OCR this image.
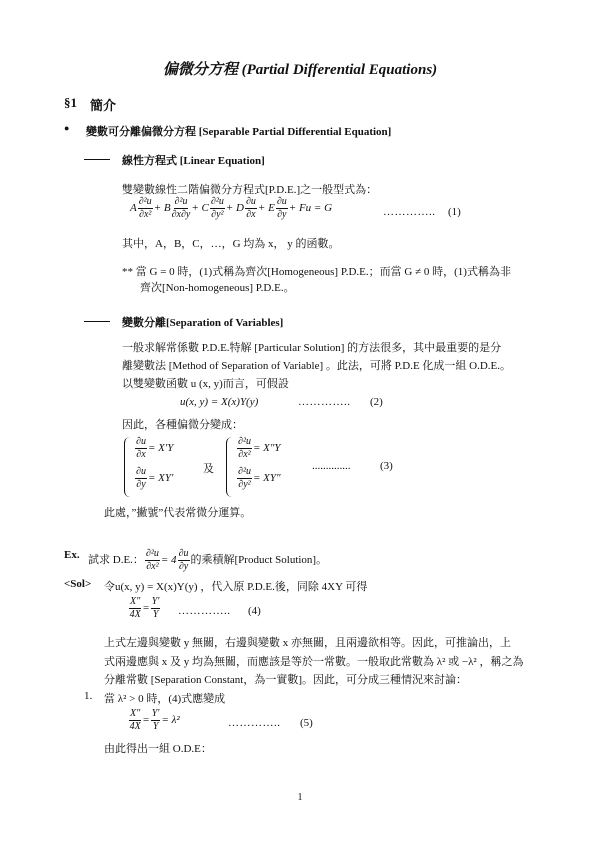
偏微分方程 (Partial Differential Equations)
§1 簡介
● 變數可分離偏微分方程 [Separable Partial Differential Equation]
線性方程式 [Linear Equation]
雙變數線性二階偏微分方程式[P.D.E.]之一般型式為：
A $\frac{\text{∂²u}}{\text{∂x²}} + B \frac{\text{∂²u}}{\partial x\partial y} + C \frac{\text{∂²u}}{\text{∂y²}} + D \frac{\partial u}{\partial x} + E \frac{\partial u}{\partial y} + Fu = G$	………….. (1)
其中，A，B，C，…，G 均為 x， y 的函數。
** 當 G = 0 時，(1)式稱為齊次[Homogeneous] P.D.E.；而當 G ≠ 0 時，(1)式稱為非
齊次[Non-homogeneous] P.D.E.。
變數分離[Separation of Variables]
一般求解常係數 P.D.E.特解 [Particular Solution] 的方法很多，其中最重要的是分
離變數法 [Method of Separation of Variable] 。此法，可將 P.D.E 化成一組 O.D.E.。
以雙變數函數 u (x, y)而言，可假設
u(x, y) = X(x)Y(y)	………….. (2)
因此，各種偏微分變成：
$\frac{\partial u}{\partial x} = X'Y$
$\frac{\partial u}{\partial y} = XY'$
及
$\frac{\text{∂²u}}{\text{∂x²}} = X''Y$
$\frac{\text{∂²u}}{\text{∂y²}} = XY''$
..............	(3)
此處，”撇號”代表常微分運算。
Ex. 試求 D.E.： $\frac{\text{∂²u}}{\text{∂x²}} = 4 \frac{\partial u}{\partial y}$ 的乘積解[Product Solution]。
<Sol> 令u(x, y) = X(x)Y(y) ，代入原 P.D.E.後，同除 4XY 可得
$\frac{X''}{4X} = \frac{Y'}{Y}$ ………….. (4)
上式左邊與變數 y 無關，右邊與變數 x 亦無關，且兩邊欲相等。因此，可推論出，上
式兩邊應與 x 及 y 均為無關，而應該是等於一常數。一般取此常數為 λ² 或 −λ² ，稱之為
分離常數 [Separation Constant，為一實數]。因此，可分成三種情況來討論：
1. 當 λ² > 0 時，(4)式應變成
$\frac{X''}{4X} = \frac{Y'}{Y} = \lambda^2$	………….. (5)
由此得出一組 O.D.E：
1
